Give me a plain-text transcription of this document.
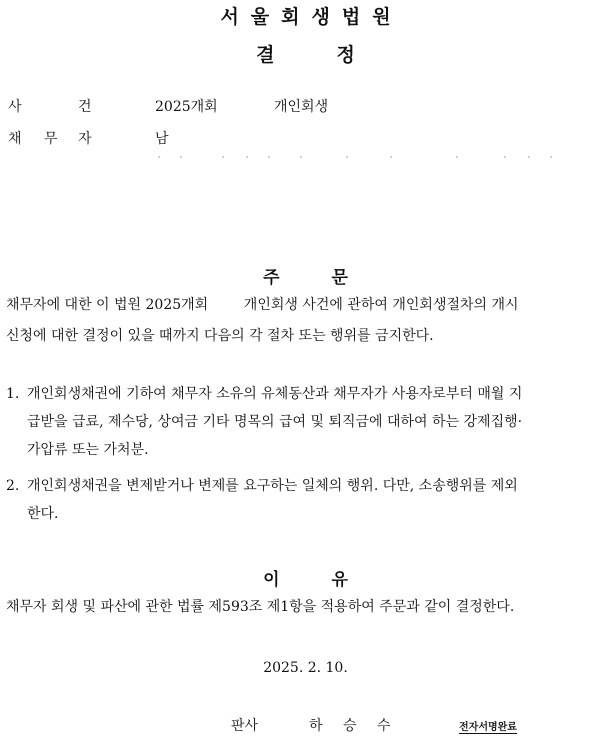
서울회생법원
결	정
사	건	2025개회	개인회생
채 무 자	남
주	문
채무자에 대한 이 법원 2025개회        개인회생 사건에 관하여 개인회생절차의 개시
신청에 대한 결정이 있을 때까지 다음의 각 절차 또는 행위를 금지한다.
1. 개인회생채권에 기하여 채무자 소유의 유체동산과 채무자가 사용자로부터 매월 지
급받을 급료, 제수당, 상여금 기타 명목의 급여 및 퇴직금에 대하여 하는 강제집행·
가압류 또는 가처분.
2. 개인회생채권을 변제받거나 변제를 요구하는 일체의 행위. 다만, 소송행위를 제외
한다.
이	유
채무자 회생 및 파산에 관한 법률 제593조 제1항을 적용하여 주문과 같이 결정한다.
2025. 2. 10.
판사	하 승 수	전자서명완료
